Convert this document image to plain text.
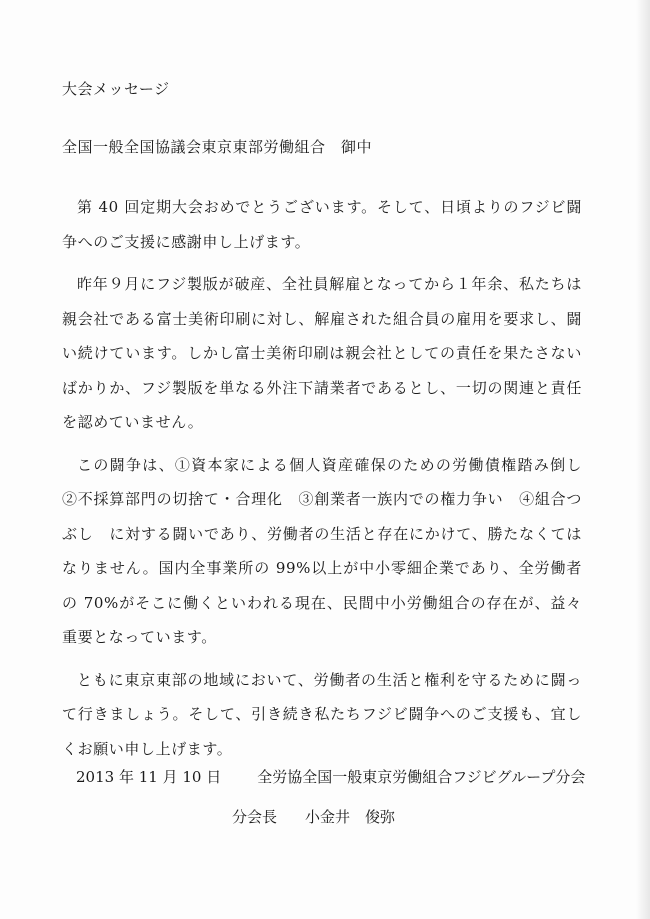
大会メッセージ
全国一般全国協議会東京東部労働組合　御中

第 40 回定期大会おめでとうございます。そして、日頃よりのフジビ闘争へのご支援に感謝申し上げます。

昨年９月にフジ製版が破産、全社員解雇となってから１年余、私たちは親会社である富士美術印刷に対し、解雇された組合員の雇用を要求し、闘い続けています。しかし富士美術印刷は親会社としての責任を果たさないばかりか、フジ製版を単なる外注下請業者であるとし、一切の関連と責任を認めていません。

この闘争は、①資本家による個人資産確保のための労働債権踏み倒し　②不採算部門の切捨て・合理化　③創業者一族内での権力争い　④組合つぶし　に対する闘いであり、労働者の生活と存在にかけて、勝たなくてはなりません。国内全事業所の 99%以上が中小零細企業であり、全労働者の 70%がそこに働くといわれる現在、民間中小労働組合の存在が、益々重要となっています。

ともに東京東部の地域において、労働者の生活と権利を守るために闘って行きましょう。そして、引き続き私たちフジビ闘争へのご支援も、宜しくお願い申し上げます。

2013 年 11 月 10 日 全労協全国一般東京労働組合フジビグループ分会
分会長 小金井　俊弥
